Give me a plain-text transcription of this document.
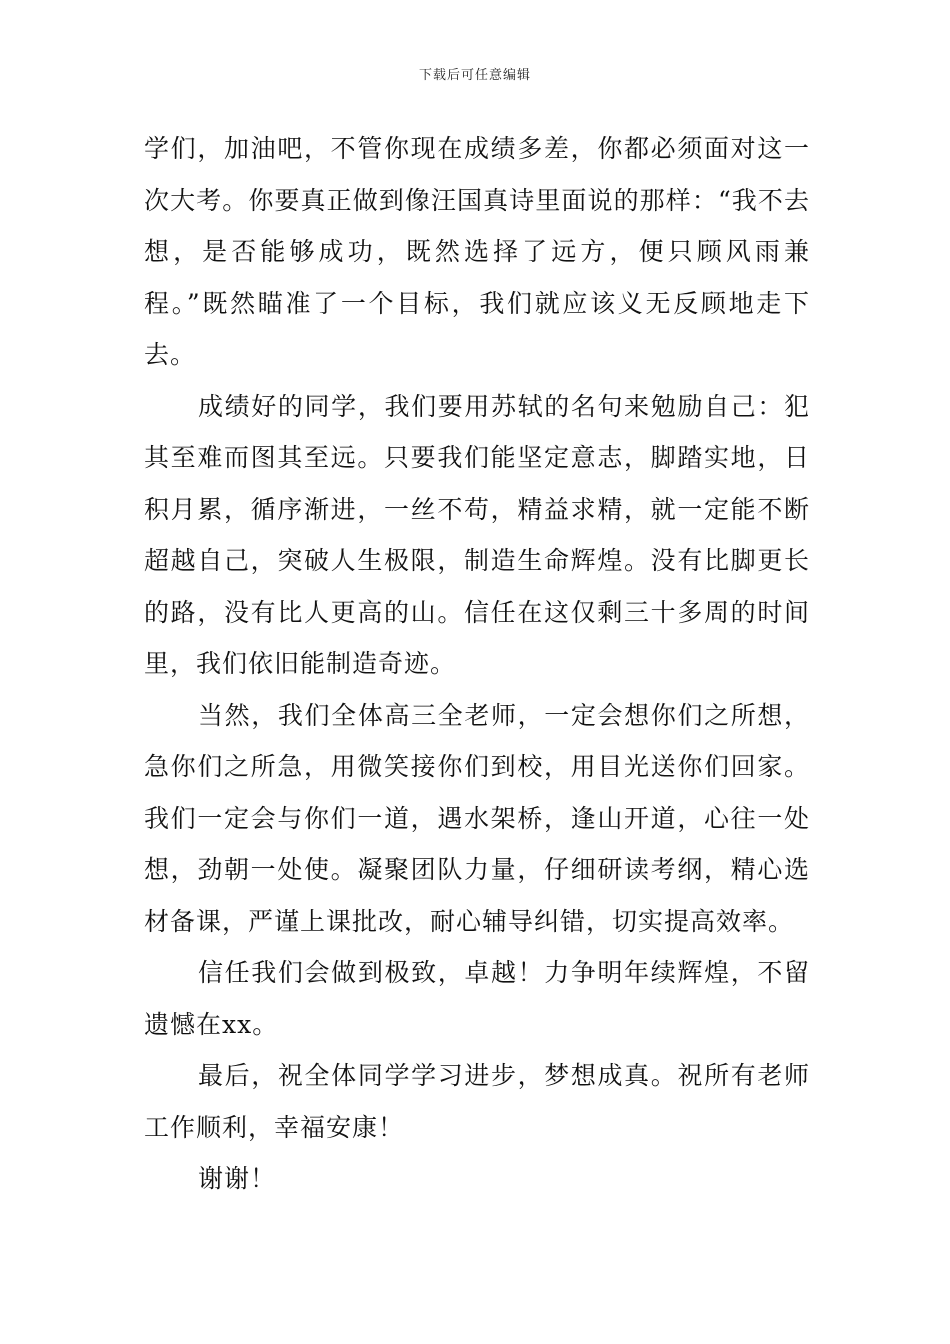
下载后可任意编辑

学们，加油吧，不管你现在成绩多差，你都必须面对这一次大考。你要真正做到像汪国真诗里面说的那样：“我不去想，是否能够成功，既然选择了远方，便只顾风雨兼程。”既然瞄准了一个目标，我们就应该义无反顾地走下去。

成绩好的同学，我们要用苏轼的名句来勉励自己：犯其至难而图其至远。只要我们能坚定意志，脚踏实地，日积月累，循序渐进，一丝不苟，精益求精，就一定能不断超越自己，突破人生极限，制造生命辉煌。没有比脚更长的路，没有比人更高的山。信任在这仅剩三十多周的时间里，我们依旧能制造奇迹。

当然，我们全体高三全老师，一定会想你们之所想，急你们之所急，用微笑接你们到校，用目光送你们回家。我们一定会与你们一道，遇水架桥，逢山开道，心往一处想，劲朝一处使。凝聚团队力量，仔细研读考纲，精心选材备课，严谨上课批改，耐心辅导纠错，切实提高效率。

信任我们会做到极致，卓越！力争明年续辉煌，不留遗憾在xx。

最后，祝全体同学学习进步，梦想成真。祝所有老师工作顺利，幸福安康！

谢谢！
